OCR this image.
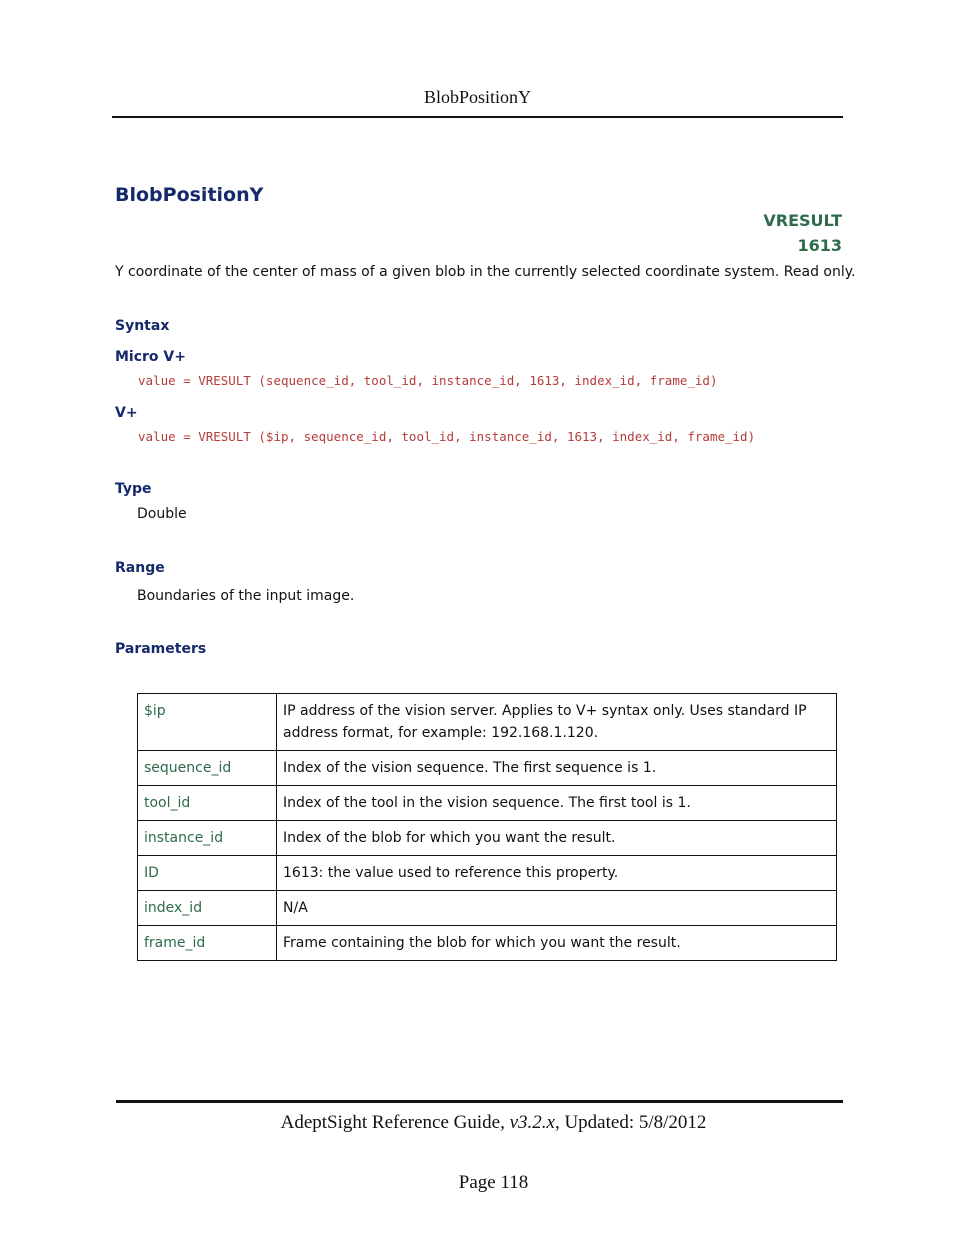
BlobPositionY
BlobPositionY
VRESULT
1613
Y coordinate of the center of mass of a given blob in the currently selected coordinate system. Read only.
Syntax
Micro V+
value = VRESULT (sequence_id, tool_id, instance_id, 1613, index_id, frame_id)
V+
value = VRESULT ($ip, sequence_id, tool_id, instance_id, 1613, index_id, frame_id)
Type
Double
Range
Boundaries of the input image.
Parameters
$ip	IP address of the vision server. Applies to V+ syntax only. Uses standard IP address format, for example: 192.168.1.120.
sequence_id	Index of the vision sequence. The first sequence is 1.
tool_id	Index of the tool in the vision sequence. The first tool is 1.
instance_id	Index of the blob for which you want the result.
ID	1613: the value used to reference this property.
index_id	N/A
frame_id	Frame containing the blob for which you want the result.
AdeptSight Reference Guide, v3.2.x, Updated: 5/8/2012
Page 118
